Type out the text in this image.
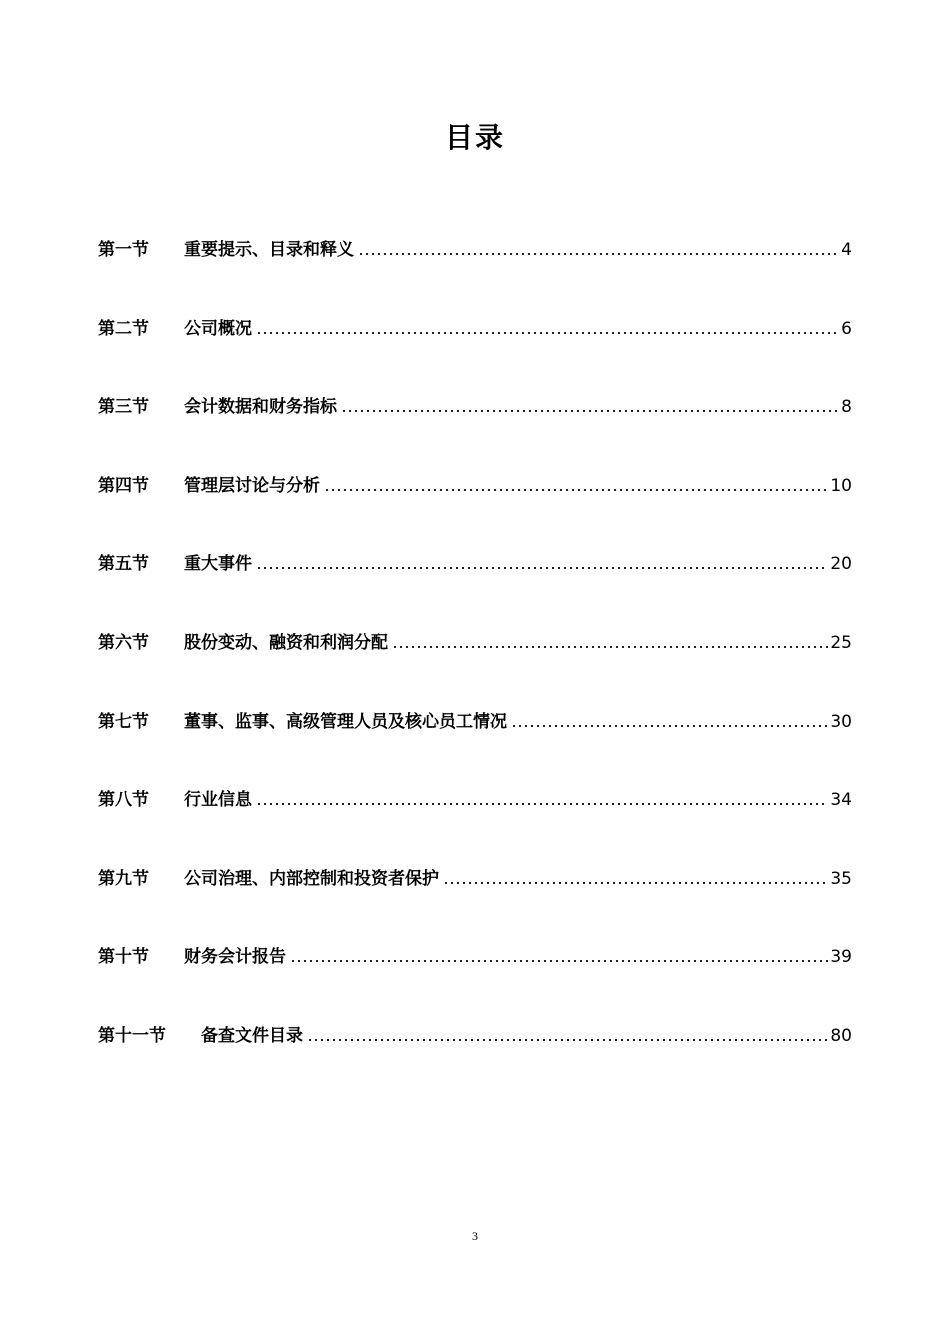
目录
第一节	重要提示、目录和释义	4
第二节	公司概况	6
第三节	会计数据和财务指标	8
第四节	管理层讨论与分析	10
第五节	重大事件	20
第六节	股份变动、融资和利润分配	25
第七节	董事、监事、高级管理人员及核心员工情况	30
第八节	行业信息	34
第九节	公司治理、内部控制和投资者保护	35
第十节	财务会计报告	39
第十一节	备查文件目录	80
3
